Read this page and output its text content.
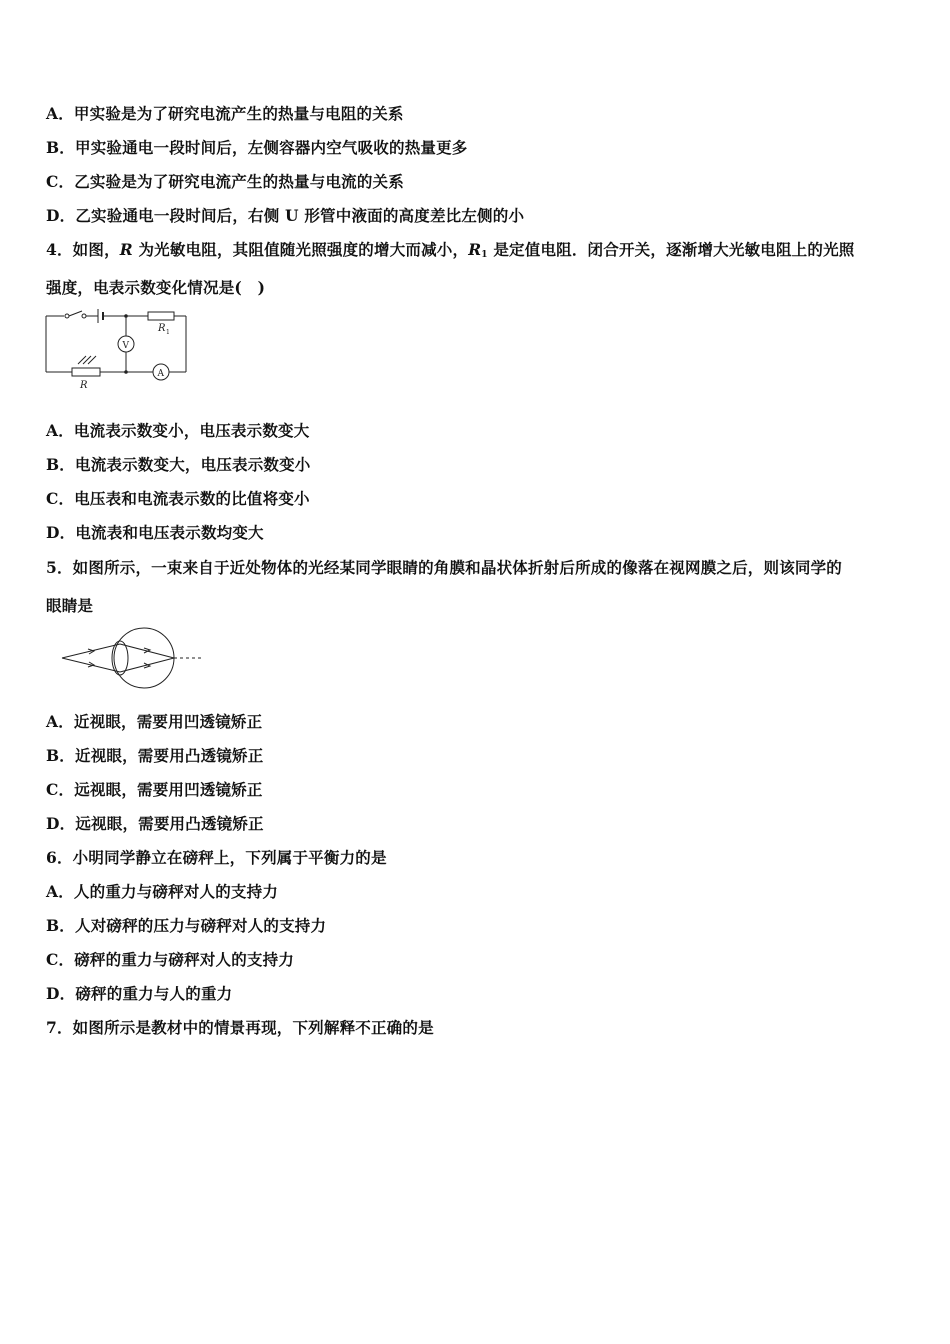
A．甲实验是为了研究电流产生的热量与电阻的关系
B．甲实验通电一段时间后，左侧容器内空气吸收的热量更多
C．乙实验是为了研究电流产生的热量与电流的关系
D．乙实验通电一段时间后，右侧 U 形管中液面的高度差比左侧的小
4．如图，R 为光敏电阻，其阻值随光照强度的增大而减小，$R_1$ 是定值电阻．闭合开关，逐渐增大光敏电阻上的光照
强度，电表示数变化情况是(　)
R 1
R
V
A
A．电流表示数变小，电压表示数变大
B．电流表示数变大，电压表示数变小
C．电压表和电流表示数的比值将变小
D．电流表和电压表示数均变大
5．如图所示，一束来自于近处物体的光经某同学眼睛的角膜和晶状体折射后所成的像落在视网膜之后，则该同学的
眼睛是
A．近视眼，需要用凹透镜矫正
B．近视眼，需要用凸透镜矫正
C．远视眼，需要用凹透镜矫正
D．远视眼，需要用凸透镜矫正
6．小明同学静立在磅秤上，下列属于平衡力的是
A．人的重力与磅秤对人的支持力
B．人对磅秤的压力与磅秤对人的支持力
C．磅秤的重力与磅秤对人的支持力
D．磅秤的重力与人的重力
7．如图所示是教材中的情景再现，下列解释不正确的是
